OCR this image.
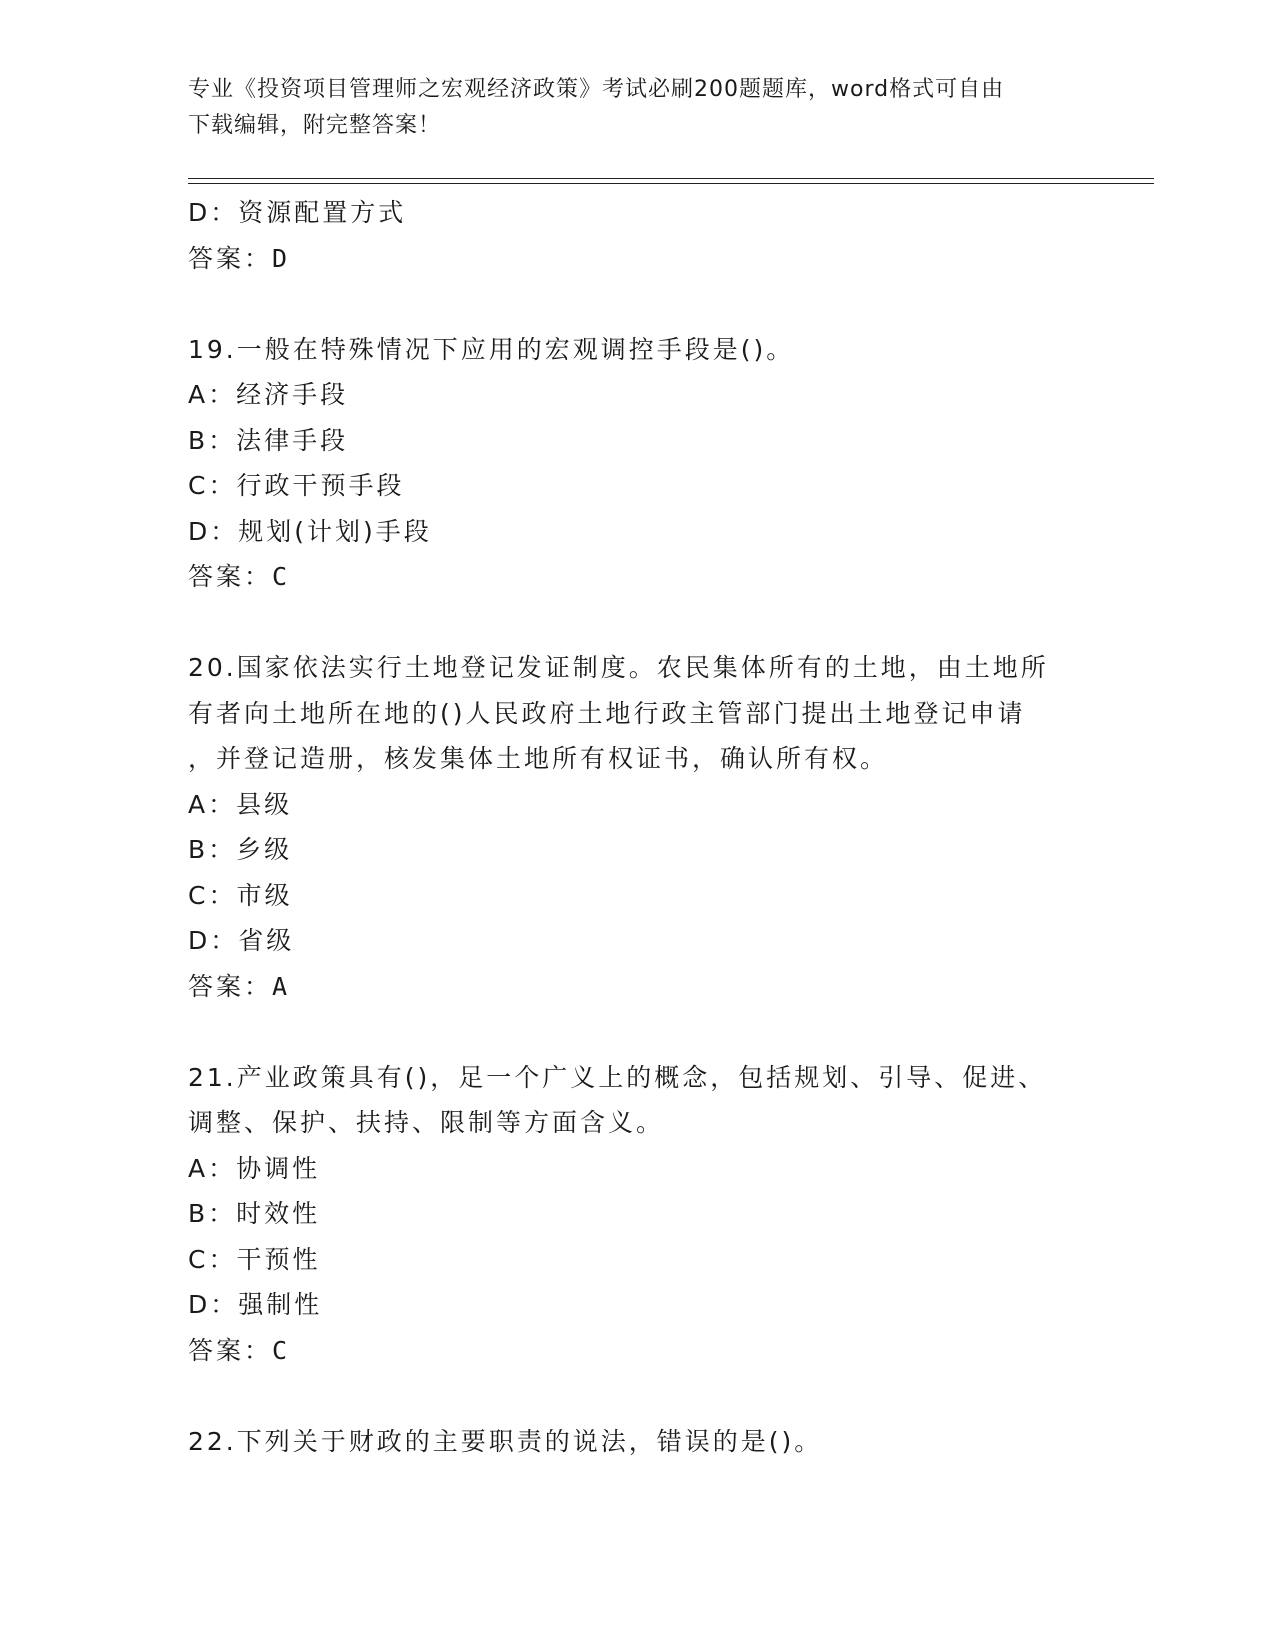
专业《投资项目管理师之宏观经济政策》考试必刷200题题库，word格式可自由
下载编辑，附完整答案！
D：资源配置方式
答案：D
19.一般在特殊情况下应用的宏观调控手段是()。
A：经济手段
B：法律手段
C：行政干预手段
D：规划(计划)手段
答案：C
20.国家依法实行土地登记发证制度。农民集体所有的土地，由土地所
有者向土地所在地的()人民政府土地行政主管部门提出土地登记申请
，并登记造册，核发集体土地所有权证书，确认所有权。
A：县级
B：乡级
C：市级
D：省级
答案：A
21.产业政策具有()，足一个广义上的概念，包括规划、引导、促进、
调整、保护、扶持、限制等方面含义。
A：协调性
B：时效性
C：干预性
D：强制性
答案：C
22.下列关于财政的主要职责的说法，错误的是()。
